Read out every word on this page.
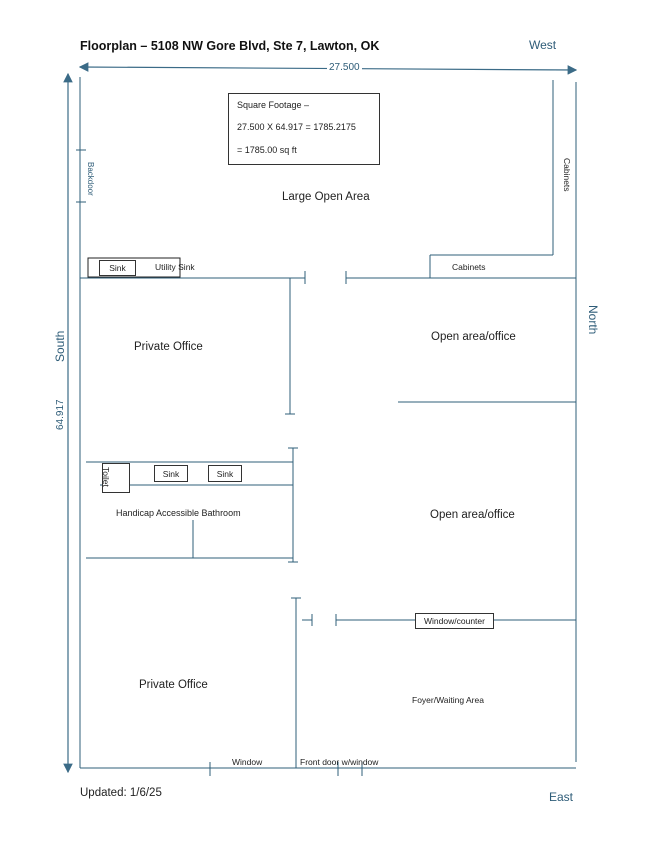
Floorplan – 5108 NW Gore Blvd, Ste 7, Lawton, OK	West
27.500
South
64.917
North
Square Footage –
27.500 X 64.917 = 1785.2175
= 1785.00 sq ft
Backdoor	Cabinets
Large Open Area
Sink	Utility Sink	Cabinets
Private Office
Open area/office
Toilet	Sink	Sink
Handicap Accessible Bathroom	Open area/office
Window/counter
Private Office
Foyer/Waiting Area
Window	Front door w/window
Updated: 1/6/25	East
